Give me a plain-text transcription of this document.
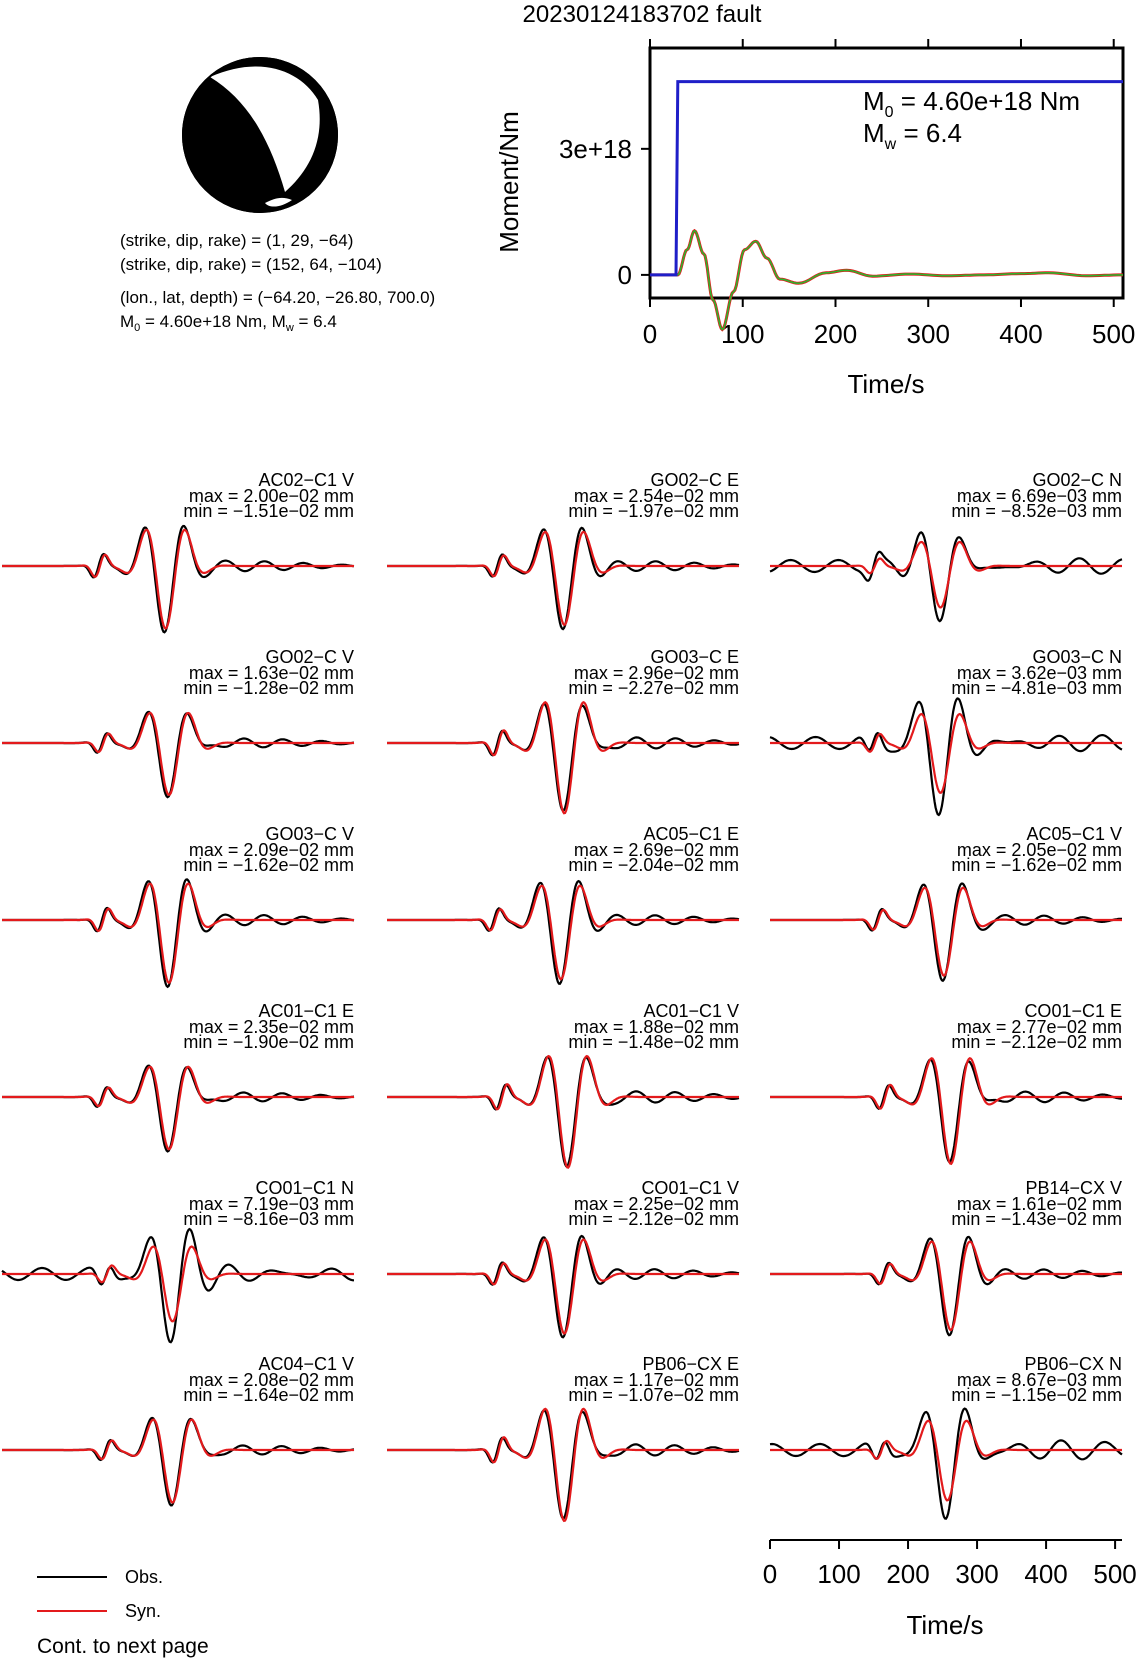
20230124183702 fault
(strike, dip, rake) = (1, 29, −64)
(strike, dip, rake) = (152, 64, −104)
(lon., lat, depth) = (−64.20, −26.80, 700.0)
$M_0 = 4.60e+18$ Nm, $M_w = 6.4$
Moment/Nm
Time/s
$M_0 = 4.60e+18$ Nm
$M_w = 6.4$
0 100 200 300 400 500
0
3e+18
AC02−C1 V
max = 2.00e−02 mm
min = −1.51e−02 mm
GO02−C E
max = 2.54e−02 mm
min = −1.97e−02 mm
GO02−C N
max = 6.69e−03 mm
min = −8.52e−03 mm
GO02−C V
max = 1.63e−02 mm
min = −1.28e−02 mm
GO03−C E
max = 2.96e−02 mm
min = −2.27e−02 mm
GO03−C N
max = 3.62e−03 mm
min = −4.81e−03 mm
GO03−C V
max = 2.09e−02 mm
min = −1.62e−02 mm
AC05−C1 E
max = 2.69e−02 mm
min = −2.04e−02 mm
AC05−C1 V
max = 2.05e−02 mm
min = −1.62e−02 mm
AC01−C1 E
max = 2.35e−02 mm
min = −1.90e−02 mm
AC01−C1 V
max = 1.88e−02 mm
min = −1.48e−02 mm
CO01−C1 E
max = 2.77e−02 mm
min = −2.12e−02 mm
CO01−C1 N
max = 7.19e−03 mm
min = −8.16e−03 mm
CO01−C1 V
max = 2.25e−02 mm
min = −2.12e−02 mm
PB14−CX V
max = 1.61e−02 mm
min = −1.43e−02 mm
AC04−C1 V
max = 2.08e−02 mm
min = −1.64e−02 mm
PB06−CX E
max = 1.17e−02 mm
min = −1.07e−02 mm
PB06−CX N
max = 8.67e−03 mm
min = −1.15e−02 mm
Time/s
0 100 200 300 400 500
Obs.
Syn.
Cont. to next page
